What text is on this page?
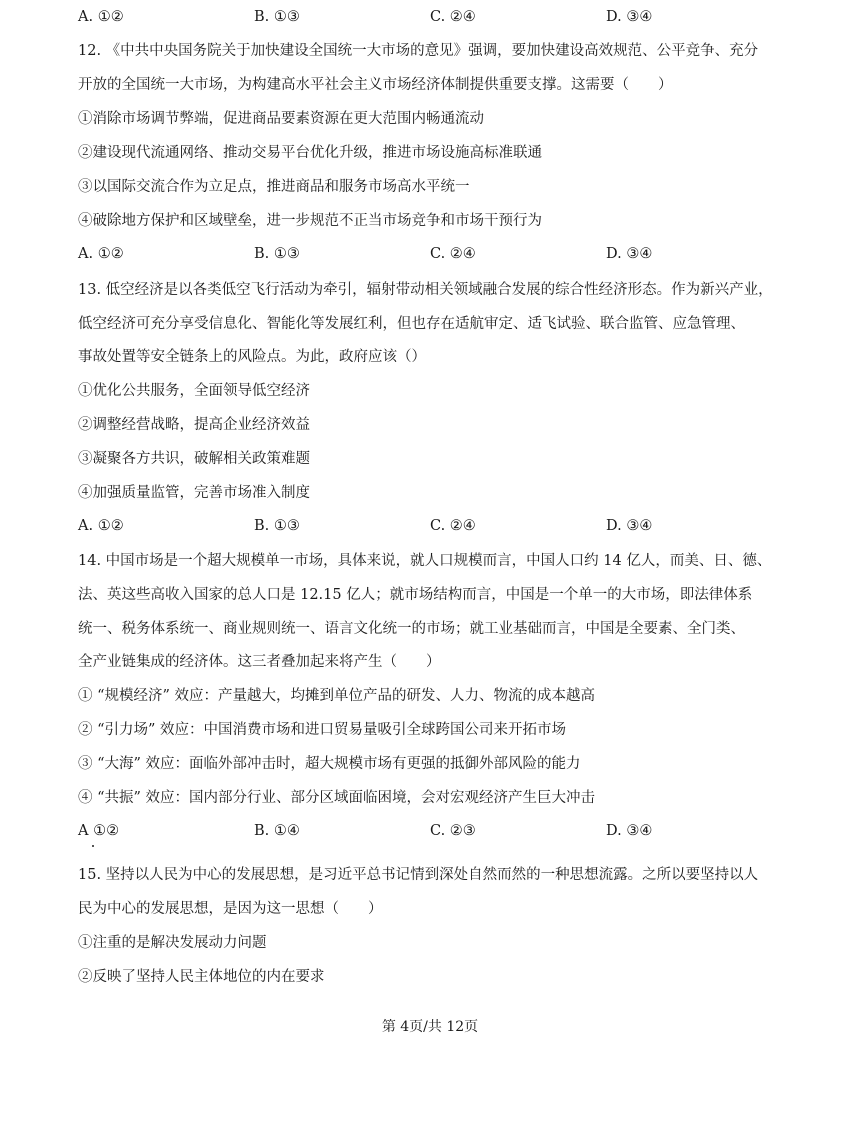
A. ①②	B. ①③	C. ②④	D. ③④
12. 《中共中央国务院关于加快建设全国统一大市场的意见》强调，要加快建设高效规范、公平竞争、充分
开放的全国统一大市场，为构建高水平社会主义市场经济体制提供重要支撑。这需要（　　）
①消除市场调节弊端，促进商品要素资源在更大范围内畅通流动
②建设现代流通网络、推动交易平台优化升级，推进市场设施高标准联通
③以国际交流合作为立足点，推进商品和服务市场高水平统一
④破除地方保护和区域壁垒，进一步规范不正当市场竞争和市场干预行为
A. ①②	B. ①③	C. ②④	D. ③④
13. 低空经济是以各类低空飞行活动为牵引，辐射带动相关领域融合发展的综合性经济形态。作为新兴产业，
低空经济可充分享受信息化、智能化等发展红利，但也存在适航审定、适飞试验、联合监管、应急管理、
事故处置等安全链条上的风险点。为此，政府应该（）
①优化公共服务，全面领导低空经济
②调整经营战略，提高企业经济效益
③凝聚各方共识，破解相关政策难题
④加强质量监管，完善市场准入制度
A. ①②	B. ①③	C. ②④	D. ③④
14. 中国市场是一个超大规模单一市场，具体来说，就人口规模而言，中国人口约 14 亿人，而美、日、德、
法、英这些高收入国家的总人口是 12.15 亿人；就市场结构而言，中国是一个单一的大市场，即法律体系
统一、税务体系统一、商业规则统一、语言文化统一的市场；就工业基础而言，中国是全要素、全门类、
全产业链集成的经济体。这三者叠加起来将产生（　　）
① “规模经济” 效应：产量越大，均摊到单位产品的研发、人力、物流的成本越高
② “引力场” 效应：中国消费市场和进口贸易量吸引全球跨国公司来开拓市场
③ “大海” 效应：面临外部冲击时，超大规模市场有更强的抵御外部风险的能力
④ “共振” 效应：国内部分行业、部分区域面临困境，会对宏观经济产生巨大冲击
A ①②	B. ①④	C. ②③	D. ③④
15. 坚持以人民为中心的发展思想，是习近平总书记情到深处自然而然的一种思想流露。之所以要坚持以人
民为中心的发展思想，是因为这一思想（　　）
①注重的是解决发展动力问题
②反映了坚持人民主体地位的内在要求
第 4页/共 12页
